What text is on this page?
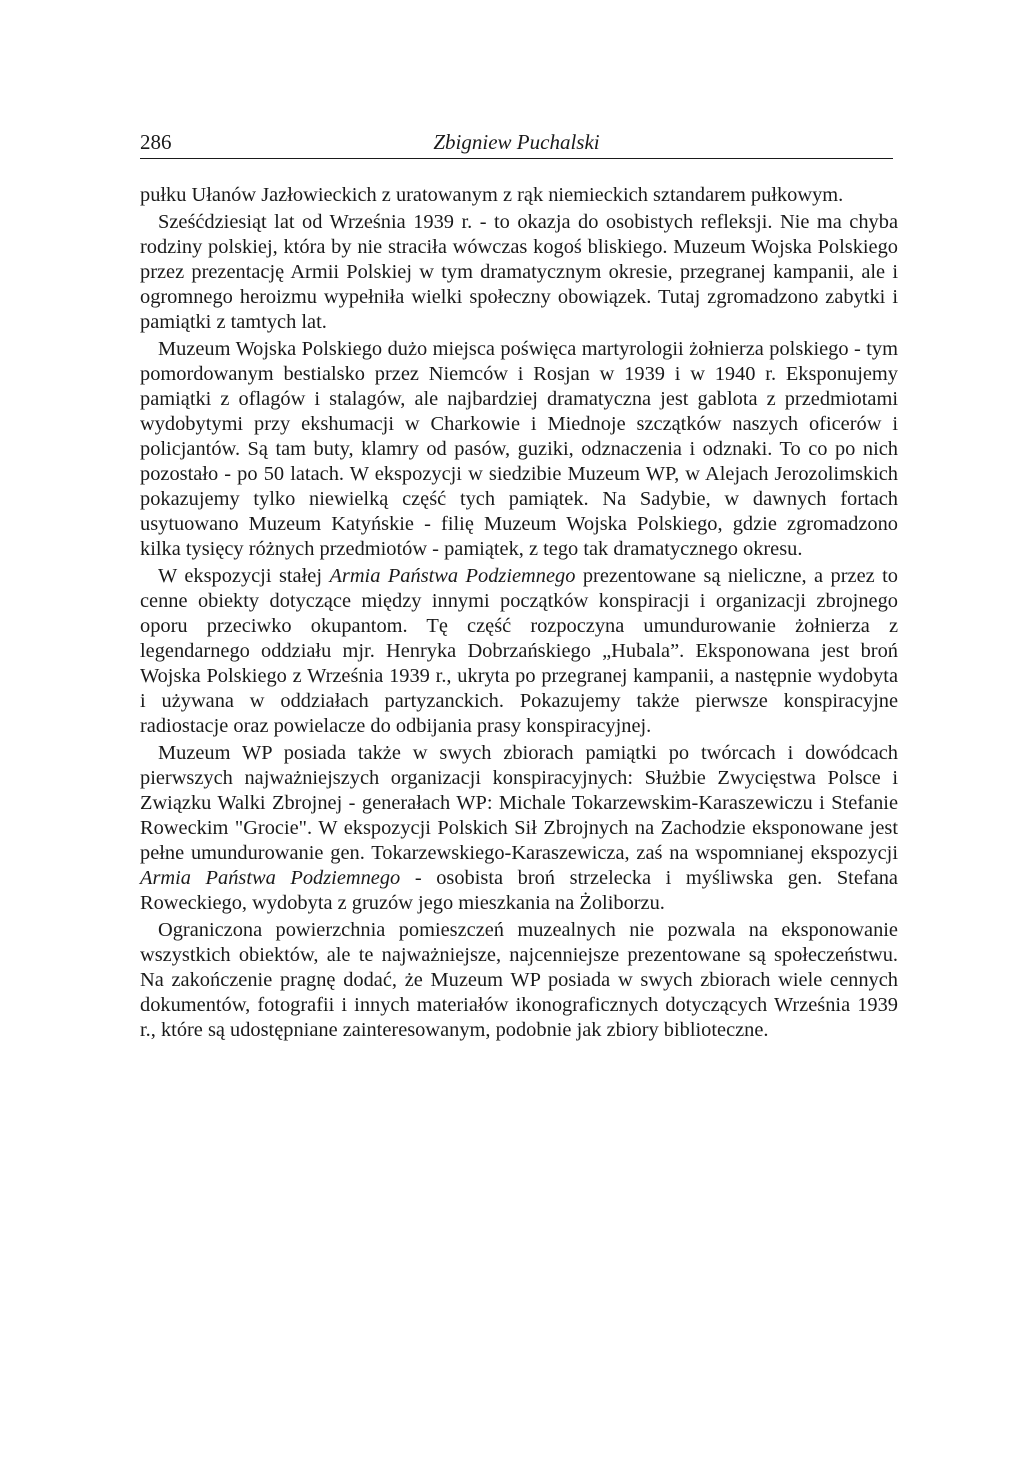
286	Zbigniew Puchalski

pułku Ułanów Jazłowieckich z uratowanym z rąk niemieckich sztandarem pułkowym.

Sześćdziesiąt lat od Września 1939 r. - to okazja do osobistych refleksji. Nie ma chyba rodziny polskiej, która by nie straciła wówczas kogoś bliskiego. Muzeum Wojska Polskiego przez prezentację Armii Polskiej w tym dramatycznym okresie, przegranej kampanii, ale i ogromnego heroizmu wypełniła wielki społeczny obowiązek. Tutaj zgromadzono zabytki i pamiątki z tamtych lat.

Muzeum Wojska Polskiego dużo miejsca poświęca martyrologii żołnierza polskiego - tym pomordowanym bestialsko przez Niemców i Rosjan w 1939 i w 1940 r. Eksponujemy pamiątki z oflagów i stalagów, ale najbardziej dramatyczna jest gablota z przedmiotami wydobytymi przy ekshumacji w Charkowie i Miednoje szczątków naszych oficerów i policjantów. Są tam buty, klamry od pasów, guziki, odznaczenia i odznaki. To co po nich pozostało - po 50 latach. W ekspozycji w siedzibie Muzeum WP, w Alejach Jerozolimskich pokazujemy tylko niewielką część tych pamiątek. Na Sadybie, w dawnych fortach usytuowano Muzeum Katyńskie - filię Muzeum Wojska Polskiego, gdzie zgromadzono kilka tysięcy różnych przedmiotów - pamiątek, z tego tak dramatycznego okresu.

W ekspozycji stałej Armia Państwa Podziemnego prezentowane są nieliczne, a przez to cenne obiekty dotyczące między innymi początków konspiracji i organizacji zbrojnego oporu przeciwko okupantom. Tę część rozpoczyna umundurowanie żołnierza z legendarnego oddziału mjr. Henryka Dobrzańskiego „Hubala”. Eksponowana jest broń Wojska Polskiego z Września 1939 r., ukryta po przegranej kampanii, a następnie wydobyta i używana w oddziałach partyzanckich. Pokazujemy także pierwsze konspiracyjne radiostacje oraz powielacze do odbijania prasy konspiracyjnej.

Muzeum WP posiada także w swych zbiorach pamiątki po twórcach i dowódcach pierwszych najważniejszych organizacji konspiracyjnych: Służbie Zwycięstwa Polsce i Związku Walki Zbrojnej - generałach WP: Michale Tokarzewskim-Karaszewiczu i Stefanie Roweckim "Grocie". W ekspozycji Polskich Sił Zbrojnych na Zachodzie eksponowane jest pełne umundurowanie gen. Tokarzewskiego-Karaszewicza, zaś na wspomnianej ekspozycji Armia Państwa Podziemnego - osobista broń strzelecka i myśliwska gen. Stefana Roweckiego, wydobyta z gruzów jego mieszkania na Żoliborzu.

Ograniczona powierzchnia pomieszczeń muzealnych nie pozwala na eksponowanie wszystkich obiektów, ale te najważniejsze, najcenniejsze prezentowane są społeczeństwu. Na zakończenie pragnę dodać, że Muzeum WP posiada w swych zbiorach wiele cennych dokumentów, fotografii i innych materiałów ikonograficznych dotyczących Września 1939 r., które są udostępniane zainteresowanym, podobnie jak zbiory biblioteczne.
